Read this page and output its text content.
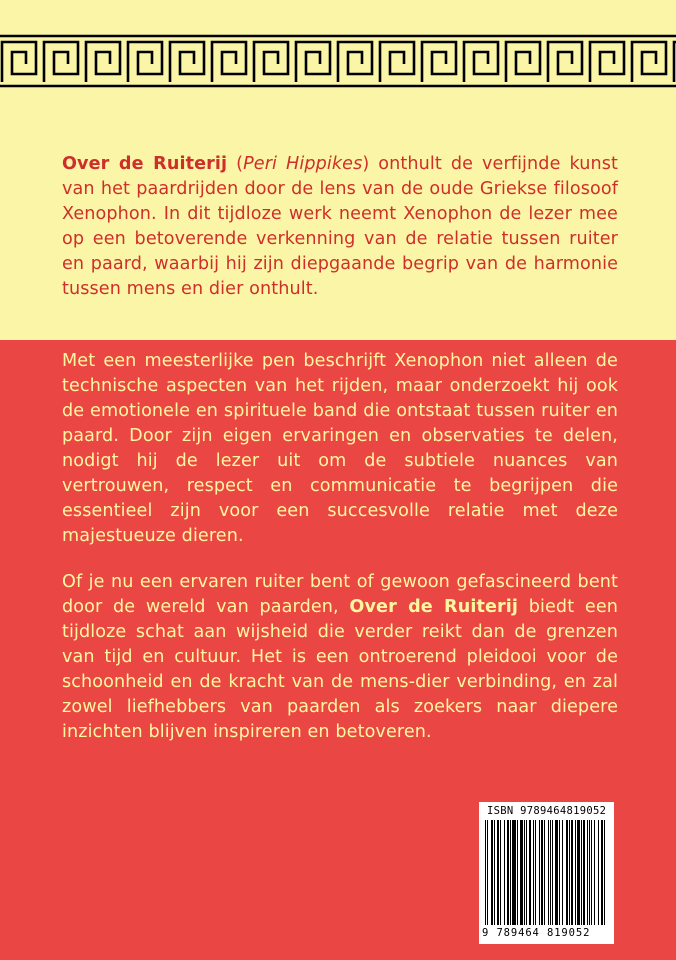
Over de Ruiterij (Peri Hippikes) onthult de verfijnde kunst van het paardrijden door de lens van de oude Griekse filosoof Xenophon. In dit tijdloze werk neemt Xenophon de lezer mee op een betoverende verkenning van de relatie tussen ruiter en paard, waarbij hij zijn diepgaande begrip van de harmonie tussen mens en dier onthult.

Met een meesterlijke pen beschrijft Xenophon niet alleen de technische aspecten van het rijden, maar onderzoekt hij ook de emotionele en spirituele band die ontstaat tussen ruiter en paard. Door zijn eigen ervaringen en observaties te delen, nodigt hij de lezer uit om de subtiele nuances van vertrouwen, respect en communicatie te begrijpen die essentieel zijn voor een succesvolle relatie met deze majestueuze dieren.

Of je nu een ervaren ruiter bent of gewoon gefascineerd bent door de wereld van paarden, Over de Ruiterij biedt een tijdloze schat aan wijsheid die verder reikt dan de grenzen van tijd en cultuur. Het is een ontroerend pleidooi voor de schoonheid en de kracht van de mens-dier verbinding, en zal zowel liefhebbers van paarden als zoekers naar diepere inzichten blijven inspireren en betoveren.

ISBN 9789464819052
9 789464 819052
